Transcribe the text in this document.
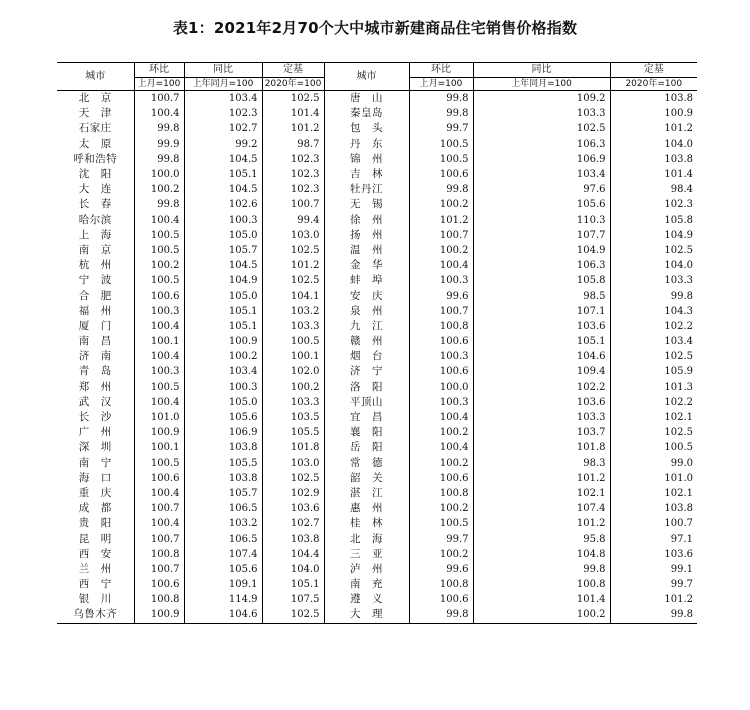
表1：2021年2月70个大中城市新建商品住宅销售价格指数
城市	环比	同比	定基	城市	环比	同比	定基
	上月=100	上年同月=100	2020年=100		上月=100	上年同月=100	2020年=100
北　京	100.7	103.4	102.5	唐　山	99.8	109.2	103.8
天　津	100.4	102.3	101.4	秦皇岛	99.8	103.3	100.9
石家庄	99.8	102.7	101.2	包　头	99.7	102.5	101.2
太　原	99.9	99.2	98.7	丹　东	100.5	106.3	104.0
呼和浩特	99.8	104.5	102.3	锦　州	100.5	106.9	103.8
沈　阳	100.0	105.1	102.3	吉　林	100.6	103.4	101.4
大　连	100.2	104.5	102.3	牡丹江	99.8	97.6	98.4
长　春	99.8	102.6	100.7	无　锡	100.2	105.6	102.3
哈尔滨	100.4	100.3	99.4	徐　州	101.2	110.3	105.8
上　海	100.5	105.0	103.0	扬　州	100.7	107.7	104.9
南　京	100.5	105.7	102.5	温　州	100.2	104.9	102.5
杭　州	100.2	104.5	101.2	金　华	100.4	106.3	104.0
宁　波	100.5	104.9	102.5	蚌　埠	100.3	105.8	103.3
合　肥	100.6	105.0	104.1	安　庆	99.6	98.5	99.8
福　州	100.3	105.1	103.2	泉　州	100.7	107.1	104.3
厦　门	100.4	105.1	103.3	九　江	100.8	103.6	102.2
南　昌	100.1	100.9	100.5	赣　州	100.6	105.1	103.4
济　南	100.4	100.2	100.1	烟　台	100.3	104.6	102.5
青　岛	100.3	103.4	102.0	济　宁	100.6	109.4	105.9
郑　州	100.5	100.3	100.2	洛　阳	100.0	102.2	101.3
武　汉	100.4	105.0	103.3	平顶山	100.3	103.6	102.2
长　沙	101.0	105.6	103.5	宜　昌	100.4	103.3	102.1
广　州	100.9	106.9	105.5	襄　阳	100.2	103.7	102.5
深　圳	100.1	103.8	101.8	岳　阳	100.4	101.8	100.5
南　宁	100.5	105.5	103.0	常　德	100.2	98.3	99.0
海　口	100.6	103.8	102.5	韶　关	100.6	101.2	101.0
重　庆	100.4	105.7	102.9	湛　江	100.8	102.1	102.1
成　都	100.7	106.5	103.6	惠　州	100.2	107.4	103.8
贵　阳	100.4	103.2	102.7	桂　林	100.5	101.2	100.7
昆　明	100.7	106.5	103.8	北　海	99.7	95.8	97.1
西　安	100.8	107.4	104.4	三　亚	100.2	104.8	103.6
兰　州	100.7	105.6	104.0	泸　州	99.6	99.8	99.1
西　宁	100.6	109.1	105.1	南　充	100.8	100.8	99.7
银　川	100.8	114.9	107.5	遵　义	100.6	101.4	101.2
乌鲁木齐	100.9	104.6	102.5	大　理	99.8	100.2	99.8
